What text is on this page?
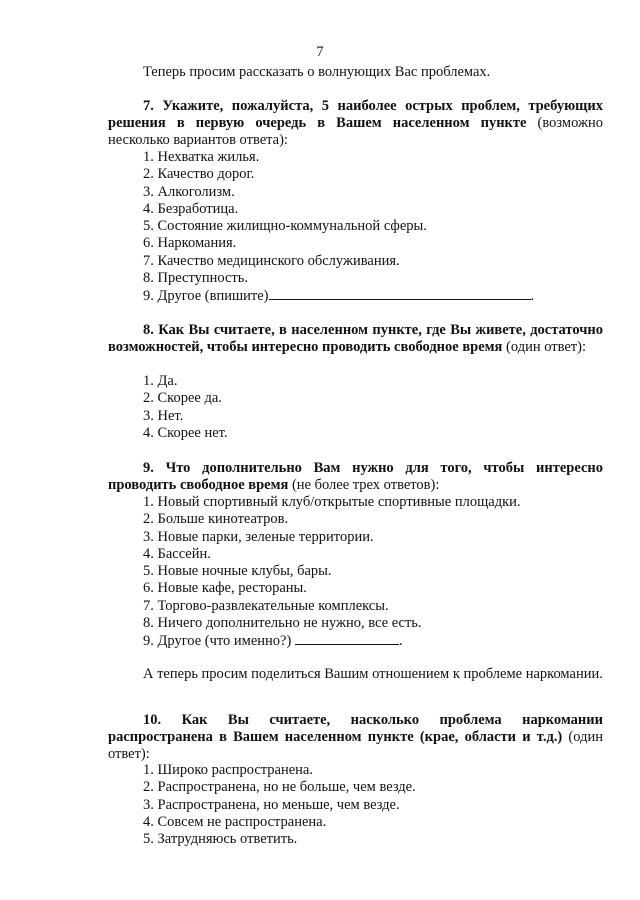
7
Теперь просим рассказать о волнующих Вас проблемах.

7. Укажите, пожалуйста, 5 наиболее острых проблем, требующих решения в первую очередь в Вашем населенном пункте (возможно несколько вариантов ответа):

1. Нехватка жилья.
2. Качество дорог.
3. Алкоголизм.
4. Безработица.
5. Состояние жилищно-коммунальной сферы.
6. Наркомания.
7. Качество медицинского обслуживания.
8. Преступность.
9. Другое (впишите)	.

8. Как Вы считаете, в населенном пункте, где Вы живете, достаточно возможностей, чтобы интересно проводить свободное время (один ответ):

1. Да.
2. Скорее да.
3. Нет.
4. Скорее нет.

9. Что дополнительно Вам нужно для того, чтобы интересно проводить свободное время (не более трех ответов):

1. Новый спортивный клуб/открытые спортивные площадки.
2. Больше кинотеатров.
3. Новые парки, зеленые территории.
4. Бассейн.
5. Новые ночные клубы, бары.
6. Новые кафе, рестораны.
7. Торгово-развлекательные комплексы.
8. Ничего дополнительно не нужно, все есть.
9. Другое (что именно?)	.

А теперь просим поделиться Вашим отношением к проблеме наркомании.

10. Как Вы считаете, насколько проблема наркомании распространена в Вашем населенном пункте (крае, области и т.д.) (один ответ):

1. Широко распространена.
2. Распространена, но не больше, чем везде.
3. Распространена, но меньше, чем везде.
4. Совсем не распространена.
5. Затрудняюсь ответить.
